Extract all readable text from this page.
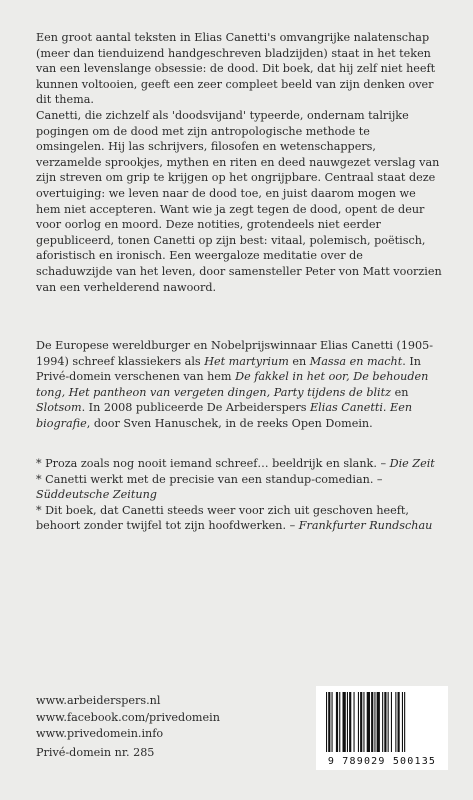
Een groot aantal teksten in Elias Canetti's omvangrijke nalatenschap (meer dan tienduizend handgeschreven bladzijden) staat in het teken van een levenslange obsessie: de dood. Dit boek, dat hij zelf niet heeft kunnen voltooien, geeft een zeer compleet beeld van zijn denken over dit thema.

Canetti, die zichzelf als 'doodsvijand' typeerde, ondernam talrijke pogingen om de dood met zijn antropologische methode te omsingelen. Hij las schrijvers, filosofen en wetenschappers, verzamelde sprookjes, mythen en riten en deed nauwgezet verslag van zijn streven om grip te krijgen op het ongrijpbare. Centraal staat deze overtuiging: we leven naar de dood toe, en juist daarom mogen we hem niet accepteren. Want wie ja zegt tegen de dood, opent de deur voor oorlog en moord. Deze notities, grotendeels niet eerder gepubliceerd, tonen Canetti op zijn best: vitaal, polemisch, poëtisch, aforistisch en ironisch. Een weergaloze meditatie over de schaduwzijde van het leven, door samensteller Peter von Matt voorzien van een verhelderend nawoord.

De Europese wereldburger en Nobelprijswinnaar Elias Canetti (1905-1994) schreef klassiekers als Het martyrium en Massa en macht. In Privé-domein verschenen van hem De fakkel in het oor, De behouden tong, Het pantheon van vergeten dingen, Party tijdens de blitz en Slotsom. In 2008 publiceerde De Arbeiderspers Elias Canetti. Een biografie, door Sven Hanuschek, in de reeks Open Domein.

* Proza zoals nog nooit iemand schreef… beeldrijk en slank. – Die Zeit

* Canetti werkt met de precisie van een standup-comedian. – Süddeutsche Zeitung

* Dit boek, dat Canetti steeds weer voor zich uit geschoven heeft, behoort zonder twijfel tot zijn hoofdwerken. – Frankfurter Rundschau

www.arbeiderspers.nl
www.facebook.com/privedomein
www.privedomein.info
Privé-domein nr. 285
9 789029 500135
